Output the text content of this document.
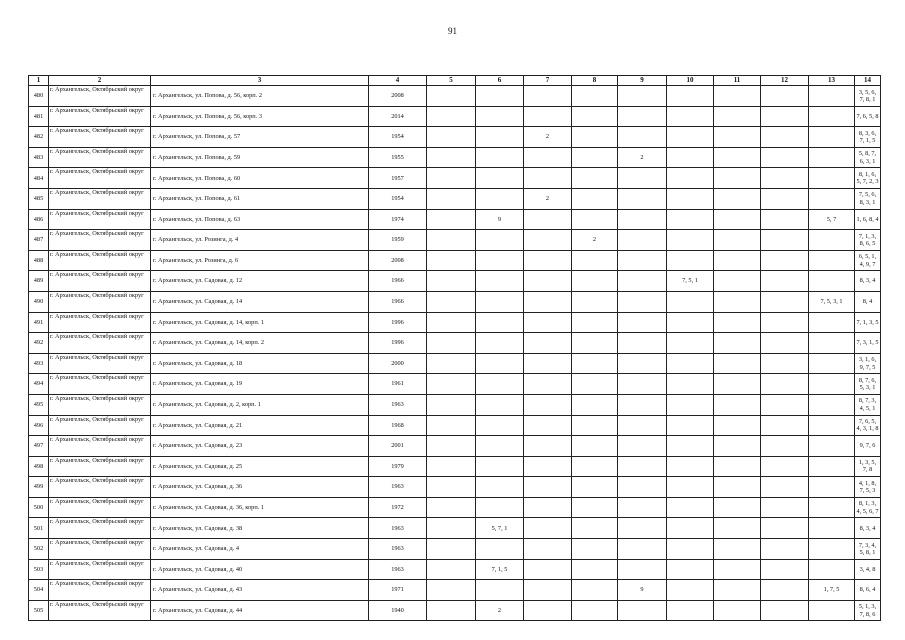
91
1	2	3	4	5	6	7	8	9	10	11	12	13	14
480	г. Архангельск, Октябрьский округ	г. Архангельск, ул. Попова, д. 56, корп. 2	2008										3, 5, 6, 7, 8, 1
481	г. Архангельск, Октябрьский округ	г. Архангельск, ул. Попова, д. 56, корп. 3	2014										7, 6, 5, 8
482	г. Архангельск, Октябрьский округ	г. Архангельск, ул. Попова, д. 57	1954			2							8, 3, 6, 7, 1, 5
483	г. Архангельск, Октябрьский округ	г. Архангельск, ул. Попова, д. 59	1955					2					5, 8, 7, 6, 3, 1
484	г. Архангельск, Октябрьский округ	г. Архангельск, ул. Попова, д. 60	1957										8, 1, 6, 5, 7, 2, 3
485	г. Архангельск, Октябрьский округ	г. Архангельск, ул. Попова, д. 61	1954			2							7, 5, 6, 8, 3, 1
486	г. Архангельск, Октябрьский округ	г. Архангельск, ул. Попова, д. 63	1974		9							5, 7	1, 6, 8, 4
487	г. Архангельск, Октябрьский округ	г. Архангельск, ул. Розинга, д. 4	1959				2						7, 1, 3, 8, 6, 5
488	г. Архангельск, Октябрьский округ	г. Архангельск, ул. Розинга, д. 6	2008										6, 5, 1, 4, 9, 7
489	г. Архангельск, Октябрьский округ	г. Архангельск, ул. Садовая, д. 12	1966						7, 5, 1				8, 3, 4
490	г. Архангельск, Октябрьский округ	г. Архангельск, ул. Садовая, д. 14	1966									7, 5, 3, 1	8, 4
491	г. Архангельск, Октябрьский округ	г. Архангельск, ул. Садовая, д. 14, корп. 1	1996										7, 1, 3, 5
492	г. Архангельск, Октябрьский округ	г. Архангельск, ул. Садовая, д. 14, корп. 2	1996										7, 3, 1, 5
493	г. Архангельск, Октябрьский округ	г. Архангельск, ул. Садовая, д. 18	2000										3, 1, 6, 9, 7, 5
494	г. Архангельск, Октябрьский округ	г. Архангельск, ул. Садовая, д. 19	1961										8, 7, 6, 5, 3, 1
495	г. Архангельск, Октябрьский округ	г. Архангельск, ул. Садовая, д. 2, корп. 1	1963										8, 7, 3, 4, 5, 1
496	г. Архангельск, Октябрьский округ	г. Архангельск, ул. Садовая, д. 21	1968										7, 6, 5, 4, 3, 1, 8
497	г. Архангельск, Октябрьский округ	г. Архангельск, ул. Садовая, д. 23	2001										9, 7, 6
498	г. Архангельск, Октябрьский округ	г. Архангельск, ул. Садовая, д. 25	1979										1, 3, 5, 7, 8
499	г. Архангельск, Октябрьский округ	г. Архангельск, ул. Садовая, д. 36	1963										4, 1, 8, 7, 5, 3
500	г. Архангельск, Октябрьский округ	г. Архангельск, ул. Садовая, д. 36, корп. 1	1972										8, 1, 3, 4, 5, 6, 7
501	г. Архангельск, Октябрьский округ	г. Архангельск, ул. Садовая, д. 38	1963		5, 7, 1								8, 3, 4
502	г. Архангельск, Октябрьский округ	г. Архангельск, ул. Садовая, д. 4	1963										7, 3, 4, 5, 8, 1
503	г. Архангельск, Октябрьский округ	г. Архангельск, ул. Садовая, д. 40	1963		7, 1, 5								3, 4, 8
504	г. Архангельск, Октябрьский округ	г. Архангельск, ул. Садовая, д. 43	1971					9				1, 7, 5	8, 6, 4
505	г. Архангельск, Октябрьский округ	г. Архангельск, ул. Садовая, д. 44	1940		2								5, 1, 3, 7, 8, 6
